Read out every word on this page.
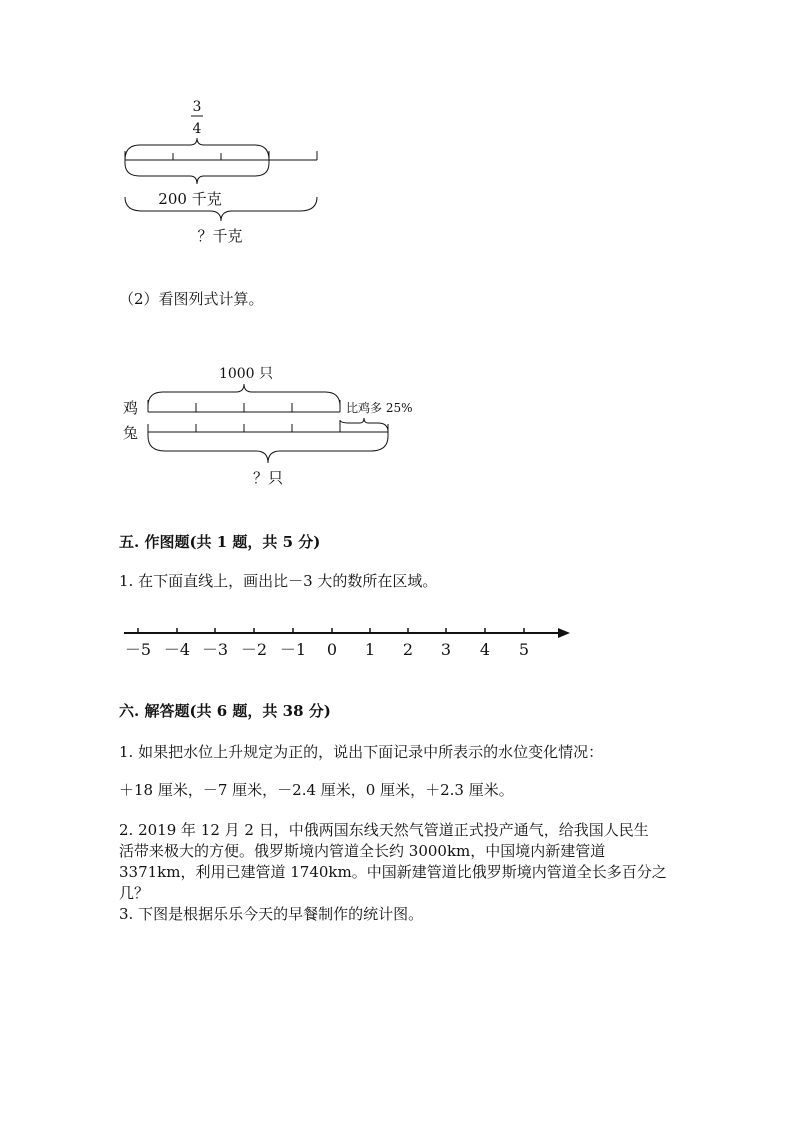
3
4
200 千克
？千克
（2）看图列式计算。
1000 只
鸡	比鸡多 25%
兔
？只
五. 作图题(共 1 题，共 5 分)
1. 在下面直线上，画出比－3 大的数所在区域。
－5 －4 －3 －2 －1 0 1 2 3 4 5
六. 解答题(共 6 题，共 38 分)
1. 如果把水位上升规定为正的，说出下面记录中所表示的水位变化情况：
＋18 厘米，－7 厘米，－2.4 厘米，0 厘米，＋2.3 厘米。
2. 2019 年 12 月 2 日，中俄两国东线天然气管道正式投产通气，给我国人民生
活带来极大的方便。俄罗斯境内管道全长约 3000km，中国境内新建管道
3371km，利用已建管道 1740km。中国新建管道比俄罗斯境内管道全长多百分之
几？
3. 下图是根据乐乐今天的早餐制作的统计图。
